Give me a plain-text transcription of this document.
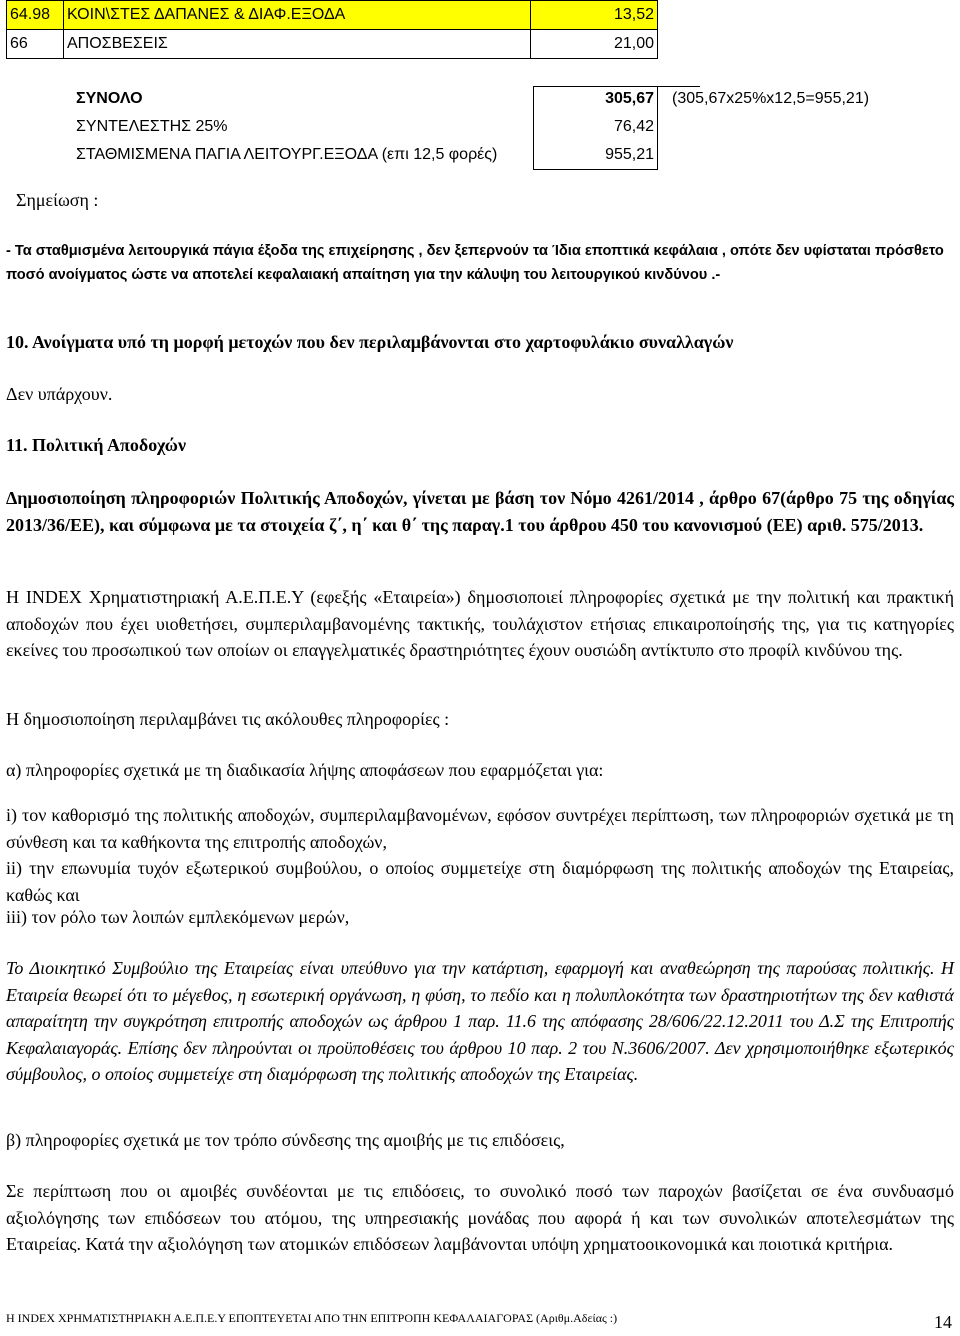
64.98	ΚΟΙΝ\ΣΤΕΣ ΔΑΠΑΝΕΣ & ΔΙΑΦ.ΕΞΟΔΑ	13,52
66	ΑΠΟΣΒΕΣΕΙΣ	21,00
ΣΥΝΟΛΟ	305,67 (305,67x25%x12,5=955,21)
ΣΥΝΤΕΛΕΣΤΗΣ 25%	76,42
ΣΤΑΘΜΙΣΜΕΝΑ ΠΑΓΙΑ ΛΕΙΤΟΥΡΓ.ΕΞΟΔΑ (επι 12,5 φορές)	955,21
Σημείωση :
- Τα σταθμισμένα λειτουργικά πάγια έξοδα της επιχείρησης , δεν ξεπερνούν τα Ίδια εποπτικά κεφάλαια , οπότε δεν υφίσταται πρόσθετο ποσό ανοίγματος ώστε να αποτελεί κεφαλαιακή απαίτηση για την κάλυψη του λειτουργικού κινδύνου .-
10. Ανοίγματα υπό τη μορφή μετοχών που δεν περιλαμβάνονται στο χαρτοφυλάκιο συναλλαγών
Δεν υπάρχουν.
11. Πολιτική Αποδοχών
Δημοσιοποίηση πληροφοριών Πολιτικής Αποδοχών, γίνεται με βάση τον Νόμο 4261/2014 , άρθρο 67(άρθρο 75 της οδηγίας 2013/36/ΕΕ), και σύμφωνα με τα στοιχεία ζ΄, η΄ και θ΄ της παραγ.1 του άρθρου 450 του κανονισμού (ΕΕ) αριθ. 575/2013.
Η INDEX Χρηματιστηριακή Α.Ε.Π.Ε.Υ (εφεξής «Εταιρεία») δημοσιοποιεί πληροφορίες σχετικά με την πολιτική και πρακτική αποδοχών που έχει υιοθετήσει, συμπεριλαμβανομένης τακτικής, τουλάχιστον ετήσιας επικαιροποίησής της, για τις κατηγορίες εκείνες του προσωπικού των οποίων οι επαγγελματικές δραστηριότητες έχουν ουσιώδη αντίκτυπο στο προφίλ κινδύνου της.
Η δημοσιοποίηση περιλαμβάνει τις ακόλουθες πληροφορίες :
α) πληροφορίες σχετικά με τη διαδικασία λήψης αποφάσεων που εφαρμόζεται για:
i) τον καθορισμό της πολιτικής αποδοχών, συμπεριλαμβανομένων, εφόσον συντρέχει περίπτωση, των πληροφοριών σχετικά με τη σύνθεση και τα καθήκοντα της επιτροπής αποδοχών,
ii) την επωνυμία τυχόν εξωτερικού συμβούλου, ο οποίος συμμετείχε στη διαμόρφωση της πολιτικής αποδοχών της Εταιρείας, καθώς και
iii) τον ρόλο των λοιπών εμπλεκόμενων μερών,
Το Διοικητικό Συμβούλιο της Εταιρείας είναι υπεύθυνο για την κατάρτιση, εφαρμογή και αναθεώρηση της παρούσας πολιτικής. Η Εταιρεία θεωρεί ότι το μέγεθος, η εσωτερική οργάνωση, η φύση, το πεδίο και η πολυπλοκότητα των δραστηριοτήτων της δεν καθιστά απαραίτητη την συγκρότηση επιτροπής αποδοχών ως άρθρου 1 παρ. 11.6 της απόφασης 28/606/22.12.2011 του Δ.Σ της Επιτροπής Κεφαλαιαγοράς. Επίσης δεν πληρούνται οι προϋποθέσεις του άρθρου 10 παρ. 2 του Ν.3606/2007. Δεν χρησιμοποιήθηκε εξωτερικός σύμβουλος, ο οποίος συμμετείχε στη διαμόρφωση της πολιτικής αποδοχών της Εταιρείας.
β) πληροφορίες σχετικά με τον τρόπο σύνδεσης της αμοιβής με τις επιδόσεις,
Σε περίπτωση που οι αμοιβές συνδέονται με τις επιδόσεις, το συνολικό ποσό των παροχών βασίζεται σε ένα συνδυασμό αξιολόγησης των επιδόσεων του ατόμου, της υπηρεσιακής μονάδας που αφορά ή και των συνολικών αποτελεσμάτων της Εταιρείας. Κατά την αξιολόγηση των ατομικών επιδόσεων λαμβάνονται υπόψη χρηματοοικονομικά και ποιοτικά κριτήρια.
Η INDEX ΧΡΗΜΑΤΙΣΤΗΡΙΑΚΗ Α.Ε.Π.Ε.Υ ΕΠΟΠΤΕΥΕΤΑΙ ΑΠΟ ΤΗΝ ΕΠΙΤΡΟΠΗ ΚΕΦΑΛΑΙΑΓΟΡΑΣ (Αριθμ.Αδείας :)	14
